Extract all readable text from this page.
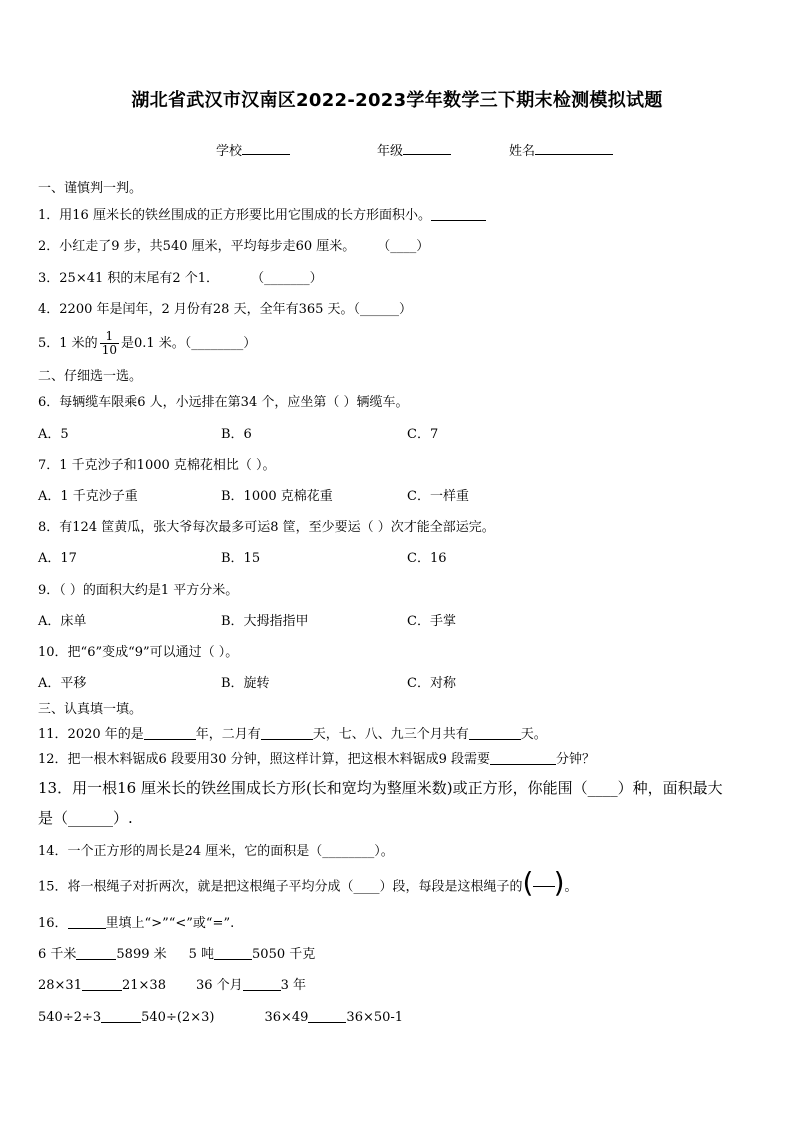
湖北省武汉市汉南区2022-2023学年数学三下期末检测模拟试题
学校	年级	姓名
一、谨慎判一判。
1．用16 厘米长的铁丝围成的正方形要比用它围成的长方形面积小。
2．小红走了9 步，共540 厘米，平均每步走60 厘米。 （____）
3．25×41 积的末尾有2 个1． （_______）
4．2200 年是闰年，2 月份有28 天，全年有365 天。（______）
5．1 米的 $\frac{1}{10}$ 是0.1 米。（________）
二、仔细选一选。
6．每辆缆车限乘6 人，小远排在第34 个，应坐第（ ）辆缆车。
A．5	B．6	C．7
7．1 千克沙子和1000 克棉花相比（ ）。
A．1 千克沙子重	B．1000 克棉花重	C．一样重
8．有124 筐黄瓜，张大爷每次最多可运8 筐，至少要运（ ）次才能全部运完。
A．17	B．15	C．16
9．（ ）的面积大约是1 平方分米。
A．床单	B．大拇指指甲	C．手掌
10．把“6”变成“9”可以通过（ ）。
A．平移	B．旋转	C．对称
三、认真填一填。
11．2020 年的是	年，二月有	天，七、八、九三个月共有	天。
12．把一根木料锯成6 段要用30 分钟，照这样计算，把这根木料锯成9 段需要	分钟？
13．用一根16 厘米长的铁丝围成长方形(长和宽均为整厘米数)或正方形，你能围（____）种，面积最大
是（______）.
14．一个正方形的周长是24 厘米，它的面积是（________）。
15．将一根绳子对折两次，就是把这根绳子平均分成（____）段，每段是这根绳子的 ( ) 。
16．	里填上“>”“<”或“=”.
6 千米	5899 米 5 吨	5050 千克
28×31	21×38 36 个月	3 年
540÷2÷3	540÷(2×3)	36×49	36×50-1
